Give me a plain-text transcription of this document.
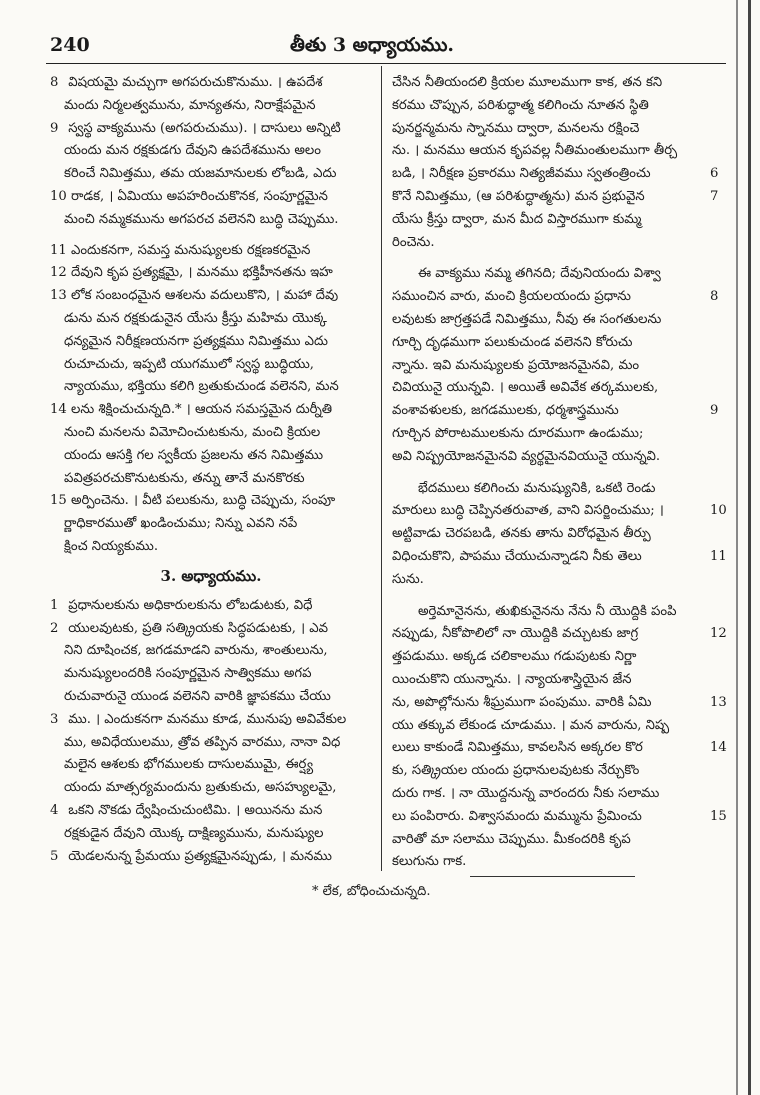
240	తీతు 3 అధ్యాయము.
8 విషయమై మచ్చుగా అగపరుచుకొనుము. । ఉపదేశ
మందు నిర్మలత్వమును, మాన్యతను, నిరాక్షేపమైన
9 స్వస్థ వాక్యమును (అగపరుచుము). । దాసులు అన్నిటి
యందు మన రక్షకుడగు దేవుని ఉపదేశమును అలం
కరించే నిమిత్తము, తమ యజమానులకు లోబడి, ఎదు
10 రాడక, । ఏమియు అపహరించుకొనక, సంపూర్ణమైన
మంచి నమ్మకమును అగపరచ వలెనని బుద్ధి చెప్పుము.
11 ఎందుకనగా, సమస్త మనుష్యులకు రక్షణకరమైన
12 దేవుని కృప ప్రత్యక్షమై, । మనము భక్తిహీనతను ఇహ
13 లోక సంబంధమైన ఆశలను వదులుకొని, । మహా దేవు
డును మన రక్షకుడునైన యేసు క్రీస్తు మహిమ యొక్క
ధన్యమైన నిరీక్షణయనగా ప్రత్యక్షము నిమిత్తము ఎదు
రుచూచుచు, ఇప్పటి యుగములో స్వస్థ బుద్ధియు,
న్యాయము, భక్తియు కలిగి బ్రతుకుచుండ వలెనని, మన
14 లను శిక్షించుచున్నది.* । ఆయన సమస్తమైన దుర్నీతి
నుంచి మనలను విమోచించుటకును, మంచి క్రియల
యందు ఆసక్తి గల స్వకీయ ప్రజలను తన నిమిత్తము
పవిత్రపరచుకొనుటకును, తన్ను తానే మనకొరకు
15 అర్పించెను. । వీటి పలుకును, బుద్ధి చెప్పుచు, సంపూ
ర్ణాధికారముతో ఖండించుము; నిన్ను ఎవని నపే
క్షించ నియ్యకుము.
3. అధ్యాయము.
1 ప్రధానులకును అధికారులకును లోబడుటకు, విధే
2 యులవుటకు, ప్రతి సత్క్రియకు సిద్ధపడుటకు, । ఎవ
నిని దూషించక, జగడమాడని వారును, శాంతులును,
మనుష్యులందరికి సంపూర్ణమైన సాత్వికము అగప
రుచువారునై యుండ వలెనని వారికి జ్ఞాపకము చేయు
3 ము. । ఎందుకనగా మనము కూడ, మునుపు అవివేకుల
ము, అవిధేయులము, త్రోవ తప్పిన వారము, నానా విధ
మలైన ఆశలకు భోగములకు దాసులముమై, ఈర్ష్య
యందు మాత్సర్యమందును బ్రతుకుచు, అసహ్యులమై,
4 ఒకని నొకడు ద్వేషించుచుంటిమి. । అయినను మన
రక్షకుడైన దేవుని యొక్క దాక్షిణ్యమును, మనుష్యుల
5 యెడలనున్న ప్రేమయు ప్రత్యక్షమైనప్పుడు, । మనము
చేసిన నీతియందలి క్రియల మూలముగా కాక, తన కని
కరము చొప్పున, పరిశుద్ధాత్మ కలిగించు నూతన స్థితి
పునర్జన్మమను స్నానము ద్వారా, మనలను రక్షించె
ను. । మనము ఆయన కృపవల్ల నీతిమంతులముగా తీర్చ
6
బడి, । నిరీక్షణ ప్రకారము నిత్యజీవము స్వతంత్రించు
7
కొనే నిమిత్తము, (ఆ పరిశుద్ధాత్మను) మన ప్రభువైన
యేసు క్రీస్తు ద్వారా, మన మీద విస్తారముగా కుమ్మ
రించెను.
ఈ వాక్యము నమ్మ తగినది; దేవునియందు విశ్వా
8
సముంచిన వారు, మంచి క్రియలయందు ప్రధాను
లవుటకు జాగ్రత్తపడే నిమిత్తము, నీవు ఈ సంగతులను
గూర్చి దృఢముగా పలుకుచుండ వలెనని కోరుచు
న్నాను. ఇవి మనుష్యులకు ప్రయోజనమైనవి, మం
చివియునై యున్నవి. । అయితే అవివేక తర్కములకు,
9
వంశావళులకు, జగడములకు, ధర్మశాస్త్రమును
గూర్చిన పోరాటములకును దూరముగా ఉండుము;
అవి నిష్ప్రయోజనమైనవి వ్యర్థమైనవియునై యున్నవి.
భేదములు కలిగించు మనుష్యునికి, ఒకటి రెండు
10
మారులు బుద్ధి చెప్పినతరువాత, వాని విసర్జించుము; ।
అట్టివాడు చెరపబడి, తనకు తాను విరోధమైన తీర్పు
11
విధించుకొని, పాపము చేయుచున్నాడని నీకు తెలు
సును.
అర్తెమానైనను, తుఖికునైనను నేను నీ యొద్దికి పంపి
12
నప్పుడు, నీకోపొలిలో నా యొద్దికి వచ్చుటకు జాగ్ర
త్తపడుము. అక్కడ చలికాలము గడుపుటకు నిర్ణా
యించుకొని యున్నాను. । న్యాయశాస్త్రియైన జేన
13
ను, అపొల్లోనును శీఘ్రముగా పంపుము. వారికి ఏమి
యు తక్కువ లేకుండ చూడుము. । మన వారును, నిష్ప
14
లులు కాకుండే నిమిత్తము, కావలసిన అక్కరల కొర
కు, సత్క్రియల యందు ప్రధానులవుటకు నేర్చుకొం
దురు గాక. । నా యొద్దనున్న వారందరు నీకు సలాము
15
లు పంపిరారు. విశ్వాసమందు మమ్మును ప్రేమించు
వారితో మా సలాము చెప్పుము. మీకందరికి కృప
కలుగును గాక.
* లేక, బోధించుచున్నది.
